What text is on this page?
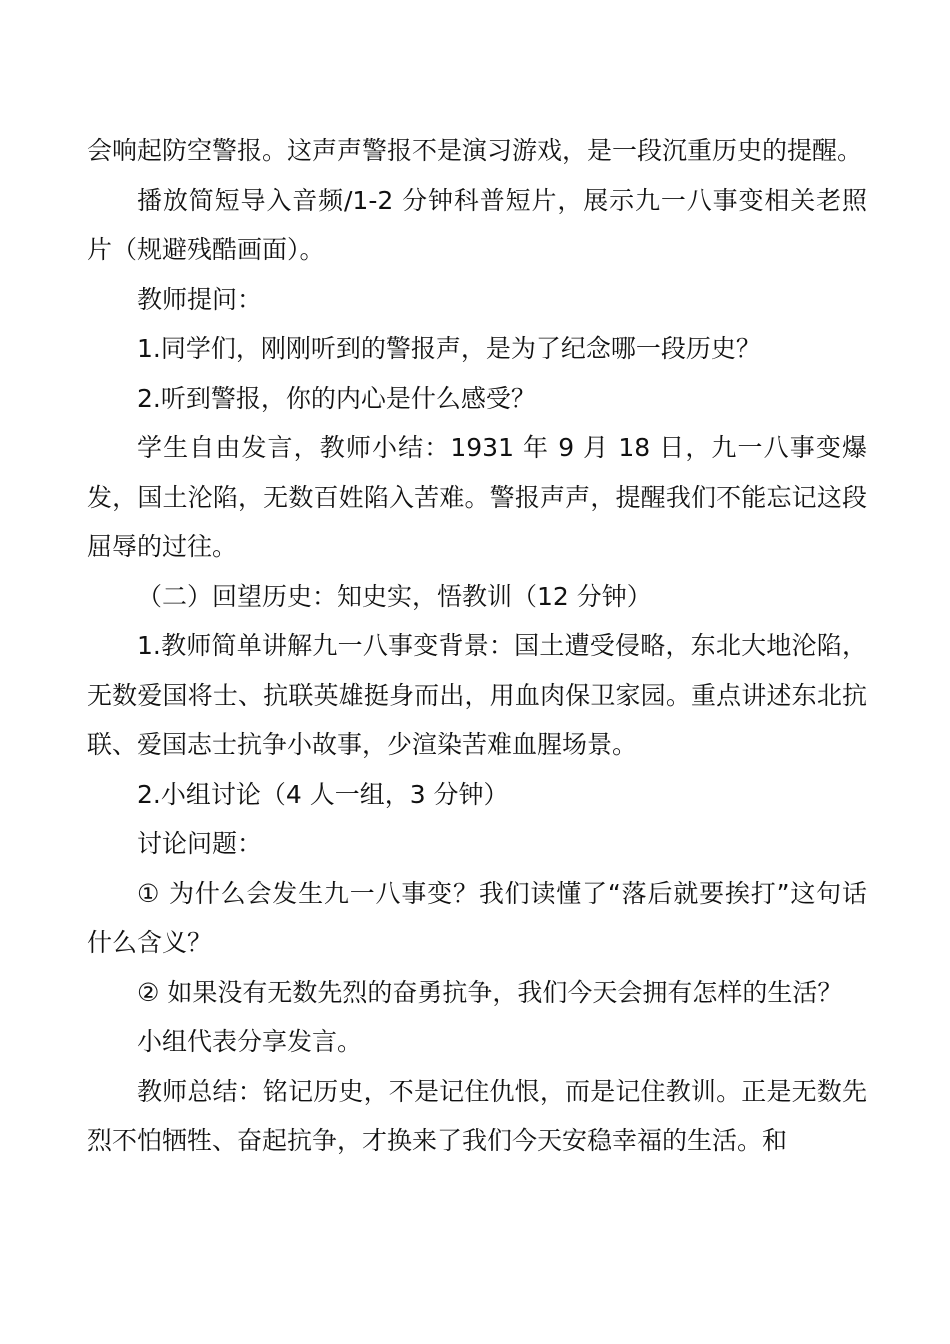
会响起防空警报。这声声警报不是演习游戏，是一段沉重历史的提醒。

播放简短导入音频/1-2 分钟科普短片，展示九一八事变相关老照片（规避残酷画面）。

教师提问：

1.同学们，刚刚听到的警报声，是为了纪念哪一段历史？

2.听到警报，你的内心是什么感受？

学生自由发言，教师小结：1931 年 9 月 18 日，九一八事变爆发，国土沦陷，无数百姓陷入苦难。警报声声，提醒我们不能忘记这段屈辱的过往。

（二）回望历史：知史实，悟教训（12 分钟）

1.教师简单讲解九一八事变背景：国土遭受侵略，东北大地沦陷，无数爱国将士、抗联英雄挺身而出，用血肉保卫家园。重点讲述东北抗联、爱国志士抗争小故事，少渲染苦难血腥场景。

2.小组讨论（4 人一组，3 分钟）

讨论问题：

① 为什么会发生九一八事变？我们读懂了“落后就要挨打”这句话什么含义？

② 如果没有无数先烈的奋勇抗争，我们今天会拥有怎样的生活？

小组代表分享发言。

教师总结：铭记历史，不是记住仇恨，而是记住教训。正是无数先烈不怕牺牲、奋起抗争，才换来了我们今天安稳幸福的生活。和
